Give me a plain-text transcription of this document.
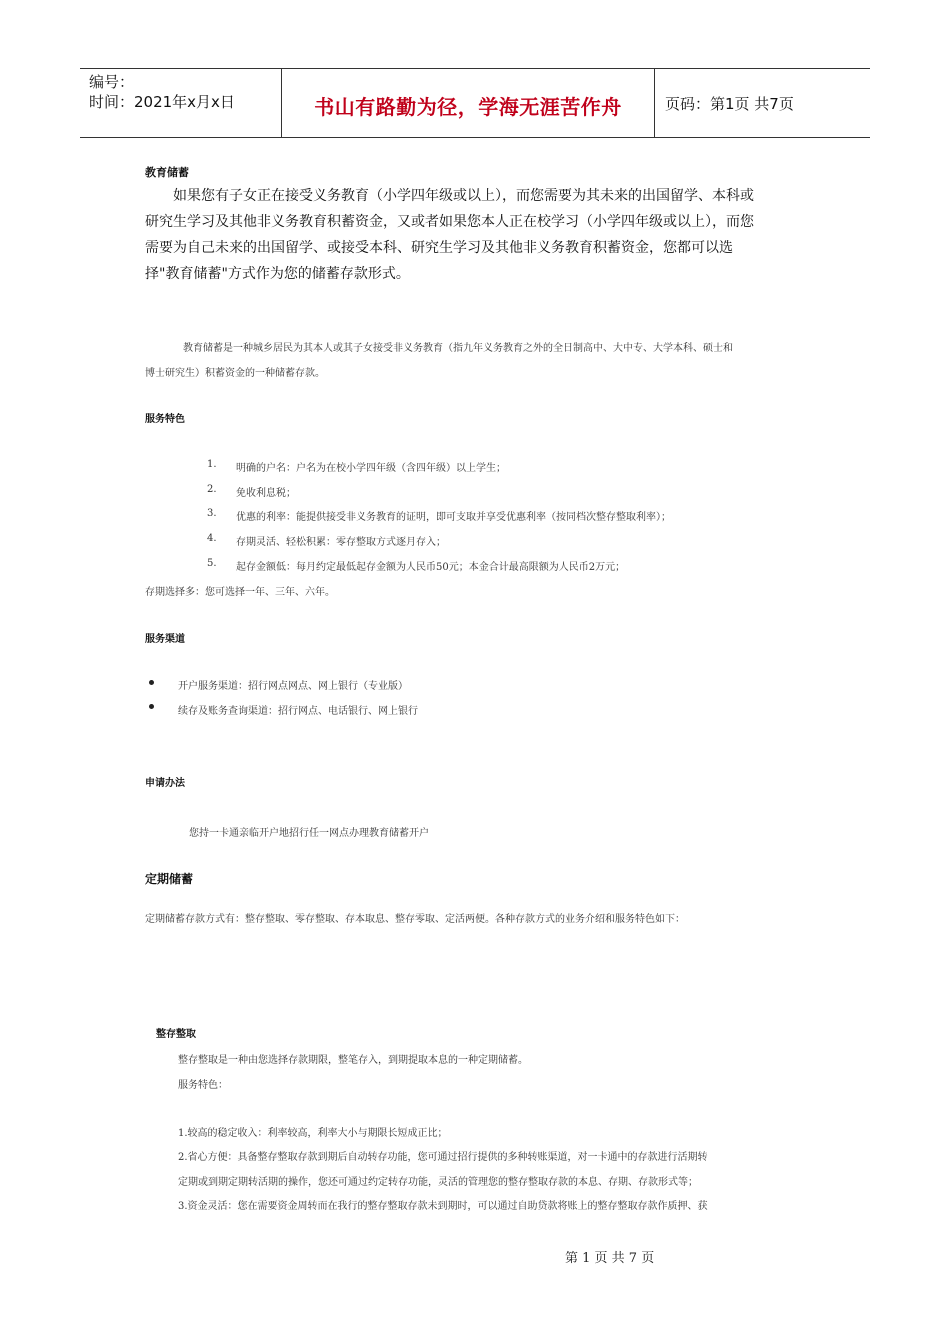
编号：
时间：2021年x月x日	书山有路勤为径，学海无涯苦作舟	页码：第1页 共7页
教育储蓄
如果您有子女正在接受义务教育（小学四年级或以上），而您需要为其未来的出国留学、本科或
研究生学习及其他非义务教育积蓄资金，又或者如果您本人正在校学习（小学四年级或以上），而您
需要为自己未来的出国留学、或接受本科、研究生学习及其他非义务教育积蓄资金，您都可以选
择"教育储蓄"方式作为您的储蓄存款形式。
教育储蓄是一种城乡居民为其本人或其子女接受非义务教育（指九年义务教育之外的全日制高中、大中专、大学本科、硕士和
博士研究生）积蓄资金的一种储蓄存款。
服务特色
1. 明确的户名：户名为在校小学四年级（含四年级）以上学生；
2. 免收利息税；
3. 优惠的利率：能提供接受非义务教育的证明，即可支取并享受优惠利率（按同档次整存整取利率）；
4. 存期灵活、轻松积累：零存整取方式逐月存入；
5. 起存金额低：每月约定最低起存金额为人民币50元；本金合计最高限额为人民币2万元；
存期选择多：您可选择一年、三年、六年。
服务渠道
开户服务渠道：招行网点网点、网上银行（专业版）
续存及账务查询渠道：招行网点、电话银行、网上银行
申请办法
您持一卡通亲临开户地招行任一网点办理教育储蓄开户
定期储蓄
定期储蓄存款方式有：整存整取、零存整取、存本取息、整存零取、定活两便。各种存款方式的业务介绍和服务特色如下：
整存整取
整存整取是一种由您选择存款期限，整笔存入，到期提取本息的一种定期储蓄。
服务特色：
1.较高的稳定收入：利率较高，利率大小与期限长短成正比；
2.省心方便：具备整存整取存款到期后自动转存功能，您可通过招行提供的多种转账渠道，对一卡通中的存款进行活期转
定期或到期定期转活期的操作，您还可通过约定转存功能，灵活的管理您的整存整取存款的本息、存期、存款形式等；
3.资金灵活：您在需要资金周转而在我行的整存整取存款未到期时，可以通过自助贷款将账上的整存整取存款作质押、获
第 1 页 共 7 页
